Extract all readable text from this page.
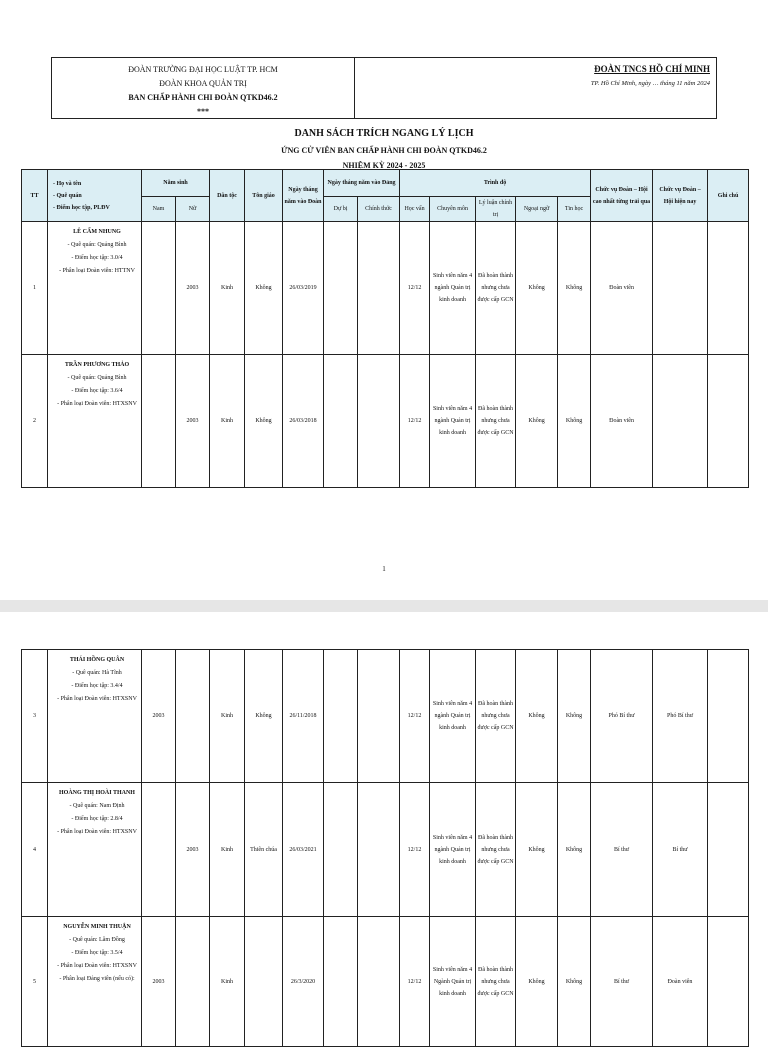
ĐOÀN TRƯỜNG ĐẠI HỌC LUẬT TP. HCM
ĐOÀN KHOA QUẢN TRỊ
BAN CHẤP HÀNH CHI ĐOÀN QTKD46.2
***
ĐOÀN TNCS HỒ CHÍ MINH
TP. Hồ Chí Minh, ngày … tháng 11 năm 2024
DANH SÁCH TRÍCH NGANG LÝ LỊCH
ỨNG CỬ VIÊN BAN CHẤP HÀNH CHI ĐOÀN QTKD46.2
NHIỆM KỲ 2024 - 2025
TT	- Họ và tên
- Quê quán
- Điểm học tập, PLĐV	Năm sinh		Dân tộc	Tôn giáo	Ngày tháng năm vào Đoàn	Ngày tháng năm vào Đảng		Trình độ					Chức vụ Đoàn – Hội cao nhất từng trải qua	Chức vụ Đoàn – Hội hiện nay	Ghi chú
		Nam	Nữ				Dự bị	Chính thức	Học vấn	Chuyên môn	Lý luận chính trị	Ngoại ngữ	Tin học			
1	LÊ CẨM NHUNG
- Quê quán: Quảng Bình
- Điểm học tập: 3.0/4
- Phân loại Đoàn viên: HTTNV		2003	Kinh	Không	26/03/2019			12/12	Sinh viên năm 4 ngành Quản trị kinh doanh	Đã hoàn thành nhưng chưa được cấp GCN	Không	Không	Đoàn viên		
2	TRẦN PHƯƠNG THẢO
- Quê quán: Quảng Bình
- Điểm học tập: 3.6/4
- Phân loại Đoàn viên: HTXSNV		2003	Kinh	Không	26/03/2018			12/12	Sinh viên năm 4 ngành Quản trị kinh doanh	Đã hoàn thành nhưng chưa được cấp GCN	Không	Không	Đoàn viên		
1
3	THÁI HỒNG QUÂN
- Quê quán: Hà Tĩnh
- Điểm học tập: 3.4/4
- Phân loại Đoàn viên: HTXSNV	2003		Kinh	Không	26/11/2018			12/12	Sinh viên năm 4 ngành Quản trị kinh doanh	Đã hoàn thành nhưng chưa được cấp GCN	Không	Không	Phó Bí thư	Phó Bí thư	
4	HOÀNG THỊ HOÀI THANH
- Quê quán: Nam Định
- Điểm học tập: 2.8/4
- Phân loại Đoàn viên: HTXSNV		2003	Kinh	Thiên chúa	26/03/2021			12/12	Sinh viên năm 4 ngành Quản trị kinh doanh	Đã hoàn thành nhưng chưa được cấp GCN	Không	Không	Bí thư	Bí thư	
5	NGUYỄN MINH THUẬN
- Quê quán: Lâm Đồng
- Điểm học tập: 3.5/4
- Phân loại Đoàn viên: HTXSNV
- Phân loại Đảng viên (nếu có):	2003		Kinh		26/3/2020			12/12	Sinh viên năm 4 Ngành Quản trị kinh doanh	Đã hoàn thành nhưng chưa được cấp GCN	Không	Không	Bí thư	Đoàn viên	
